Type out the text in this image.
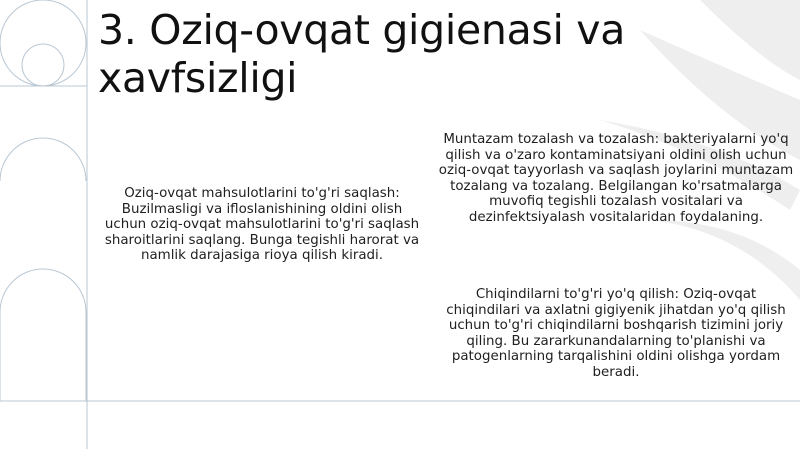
3. Oziq-ovqat gigienasi va xavfsizligi

Oziq-ovqat mahsulotlarini to'g'ri saqlash: Buzilmasligi va ifloslanishining oldini olish uchun oziq-ovqat mahsulotlarini to'g'ri saqlash sharoitlarini saqlang. Bunga tegishli harorat va namlik darajasiga rioya qilish kiradi.

Muntazam tozalash va tozalash: bakteriyalarni yo'q qilish va o'zaro kontaminatsiyani oldini olish uchun oziq-ovqat tayyorlash va saqlash joylarini muntazam tozalang va tozalang. Belgilangan ko'rsatmalarga muvofiq tegishli tozalash vositalari va dezinfektsiyalash vositalaridan foydalaning.

Chiqindilarni to'g'ri yo'q qilish: Oziq-ovqat chiqindilari va axlatni gigiyenik jihatdan yo'q qilish uchun to'g'ri chiqindilarni boshqarish tizimini joriy qiling. Bu zararkunandalarning to'planishi va patogenlarning tarqalishini oldini olishga yordam beradi.
